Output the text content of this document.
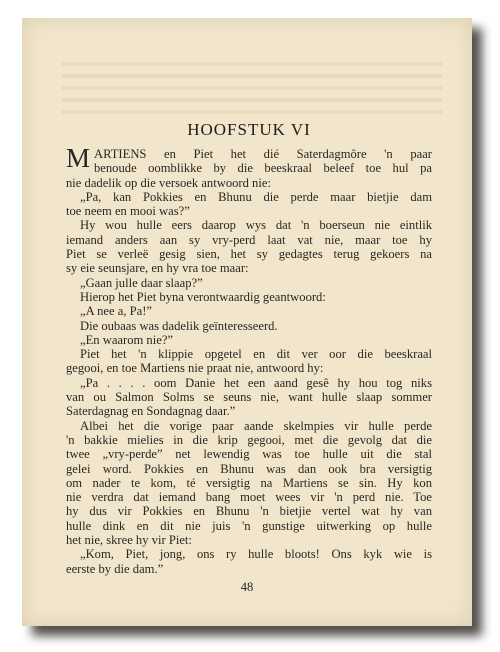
HOOFSTUK VI
M ARTIENS en Piet het dié Saterdagmôre 'n paar
benoude oomblikke by die beeskraal beleef toe hul pa
nie dadelik op die versoek antwoord nie:
„Pa, kan Pokkies en Bhunu die perde maar bietjie dam
toe neem en mooi was?”
Hy wou hulle eers daarop wys dat 'n boerseun nie eintlik
iemand anders aan sy vry-perd laat vat nie, maar toe hy
Piet se verleë gesig sien, het sy gedagtes terug gekoers na
sy eie seunsjare, en hy vra toe maar:
„Gaan julle daar slaap?”
Hierop het Piet byna verontwaardig geantwoord:
„A nee a, Pa!”
Die oubaas was dadelik geïnteresseerd.
„En waarom nie?”
Piet het 'n klippie opgetel en dit ver oor die beeskraal
gegooi, en toe Martiens nie praat nie, antwoord hy:
„Pa . . . . oom Danie het een aand gesê hy hou tog niks
van ou Salmon Solms se seuns nie, want hulle slaap sommer
Saterdagnag en Sondagnag daar.”
Albei het die vorige paar aande skelmpies vir hulle perde
'n bakkie mielies in die krip gegooi, met die gevolg dat die
twee „vry-perde” net lewendig was toe hulle uit die stal
gelei word. Pokkies en Bhunu was dan ook bra versigtig
om nader te kom, té versigtig na Martiens se sin. Hy kon
nie verdra dat iemand bang moet wees vir 'n perd nie. Toe
hy dus vir Pokkies en Bhunu 'n bietjie vertel wat hy van
hulle dink en dit nie juis 'n gunstige uitwerking op hulle
het nie, skree hy vir Piet:
„Kom, Piet, jong, ons ry hulle bloots! Ons kyk wie is
eerste by die dam.”
48
